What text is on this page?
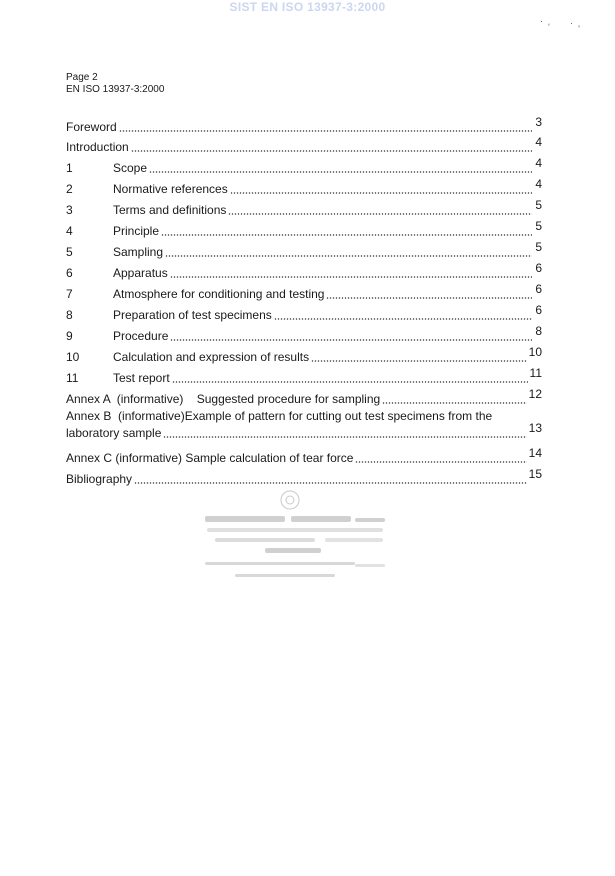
SIST EN ISO 13937-3:2000
·
‘ ·
’
Page 2
EN ISO 13937-3:2000
Foreword	3
Introduction	4
1	Scope	4
2	Normative references	4
3	Terms and definitions	5
4	Principle	5
5	Sampling	5
6	Apparatus	6
7	Atmosphere for conditioning and testing	6
8	Preparation of test specimens	6
9	Procedure	8
10	Calculation and expression of results	10
11	Test report	11
Annex A  (informative)    Suggested procedure for sampling	12
Annex B  (informative)Example of pattern for cutting out test specimens from the
laboratory sample	13
Annex C (informative) Sample calculation of tear force	14
Bibliography	15
